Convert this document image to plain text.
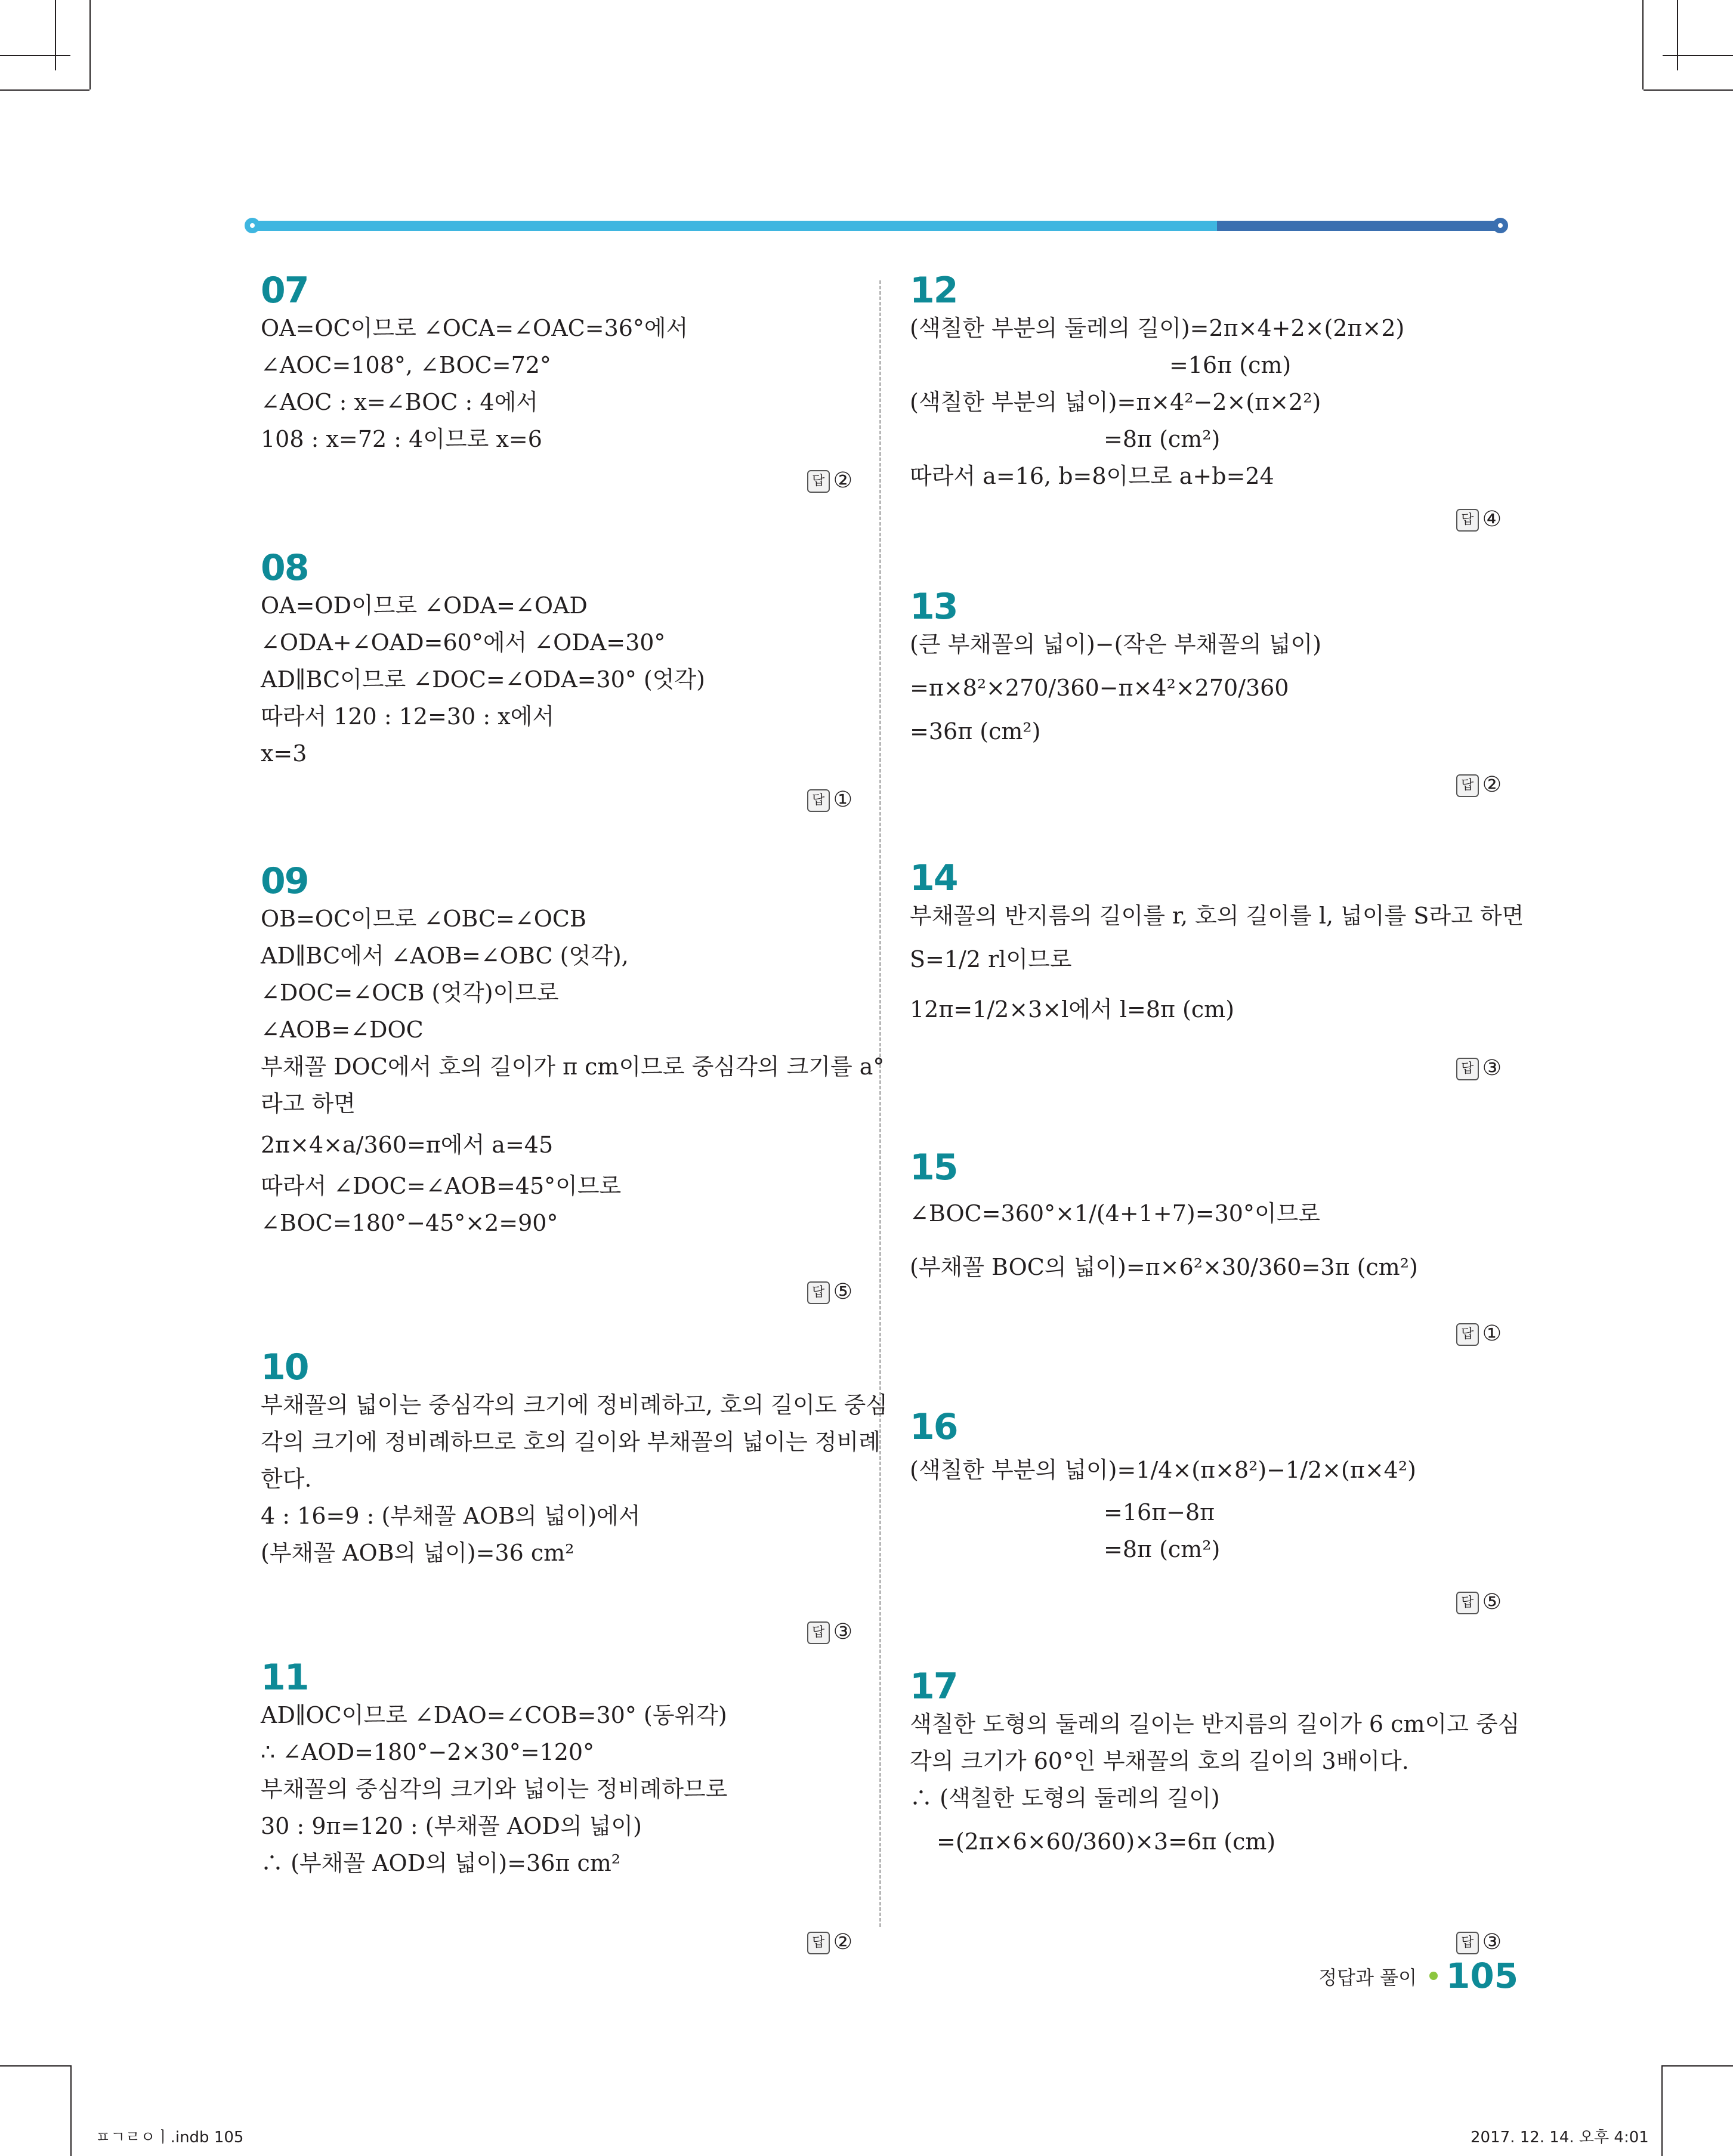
07
OA=OC이므로 ∠OCA=∠OAC=36°에서
∠AOC=108°, ∠BOC=72°
∠AOC : x=∠BOC : 4에서
108 : x=72 : 4이므로 x=6
답 ②
08
OA=OD이므로 ∠ODA=∠OAD
∠ODA+∠OAD=60°에서 ∠ODA=30°
AD∥BC이므로 ∠DOC=∠ODA=30° (엇각)
따라서 120 : 12=30 : x에서
x=3
답 ①
09
OB=OC이므로 ∠OBC=∠OCB
AD∥BC에서 ∠AOB=∠OBC (엇각),
∠DOC=∠OCB (엇각)이므로
∠AOB=∠DOC
부채꼴 DOC에서 호의 길이가 π cm이므로 중심각의 크기를 a°
라고 하면
2π×4×a/360=π에서 a=45
따라서 ∠DOC=∠AOB=45°이므로
∠BOC=180°−45°×2=90°
답 ⑤
10
부채꼴의 넓이는 중심각의 크기에 정비례하고, 호의 길이도 중심
각의 크기에 정비례하므로 호의 길이와 부채꼴의 넓이는 정비례
한다.
4 : 16=9 : (부채꼴 AOB의 넓이)에서
(부채꼴 AOB의 넓이)=36 cm²
답 ③
11
AD∥OC이므로 ∠DAO=∠COB=30° (동위각)
∴ ∠AOD=180°−2×30°=120°
부채꼴의 중심각의 크기와 넓이는 정비례하므로
30 : 9π=120 : (부채꼴 AOD의 넓이)
∴ (부채꼴 AOD의 넓이)=36π cm²
답 ②
12
(색칠한 부분의 둘레의 길이)=2π×4+2×(2π×2)
=16π (cm)
(색칠한 부분의 넓이)=π×4²−2×(π×2²)
=8π (cm²)
따라서 a=16, b=8이므로 a+b=24
답 ④
13
(큰 부채꼴의 넓이)−(작은 부채꼴의 넓이)
=π×8²×270/360−π×4²×270/360
=36π (cm²)
답 ②
14
부채꼴의 반지름의 길이를 r, 호의 길이를 l, 넓이를 S라고 하면
S=1/2 rl이므로
12π=1/2×3×l에서 l=8π (cm)
답 ③
15
∠BOC=360°×1/(4+1+7)=30°이므로
(부채꼴 BOC의 넓이)=π×6²×30/360=3π (cm²)
답 ①
16
(색칠한 부분의 넓이)=1/4×(π×8²)−1/2×(π×4²)
=16π−8π
=8π (cm²)
답 ⑤
17
색칠한 도형의 둘레의 길이는 반지름의 길이가 6 cm이고 중심
각의 크기가 60°인 부채꼴의 호의 길이의 3배이다.
∴ (색칠한 도형의 둘레의 길이)
=(2π×6×60/360)×3=6π (cm)
답 ③
정답과 풀이 105
ㅍㄱㄹㅇㅣ.indb 105	2017. 12. 14. 오후 4:01
